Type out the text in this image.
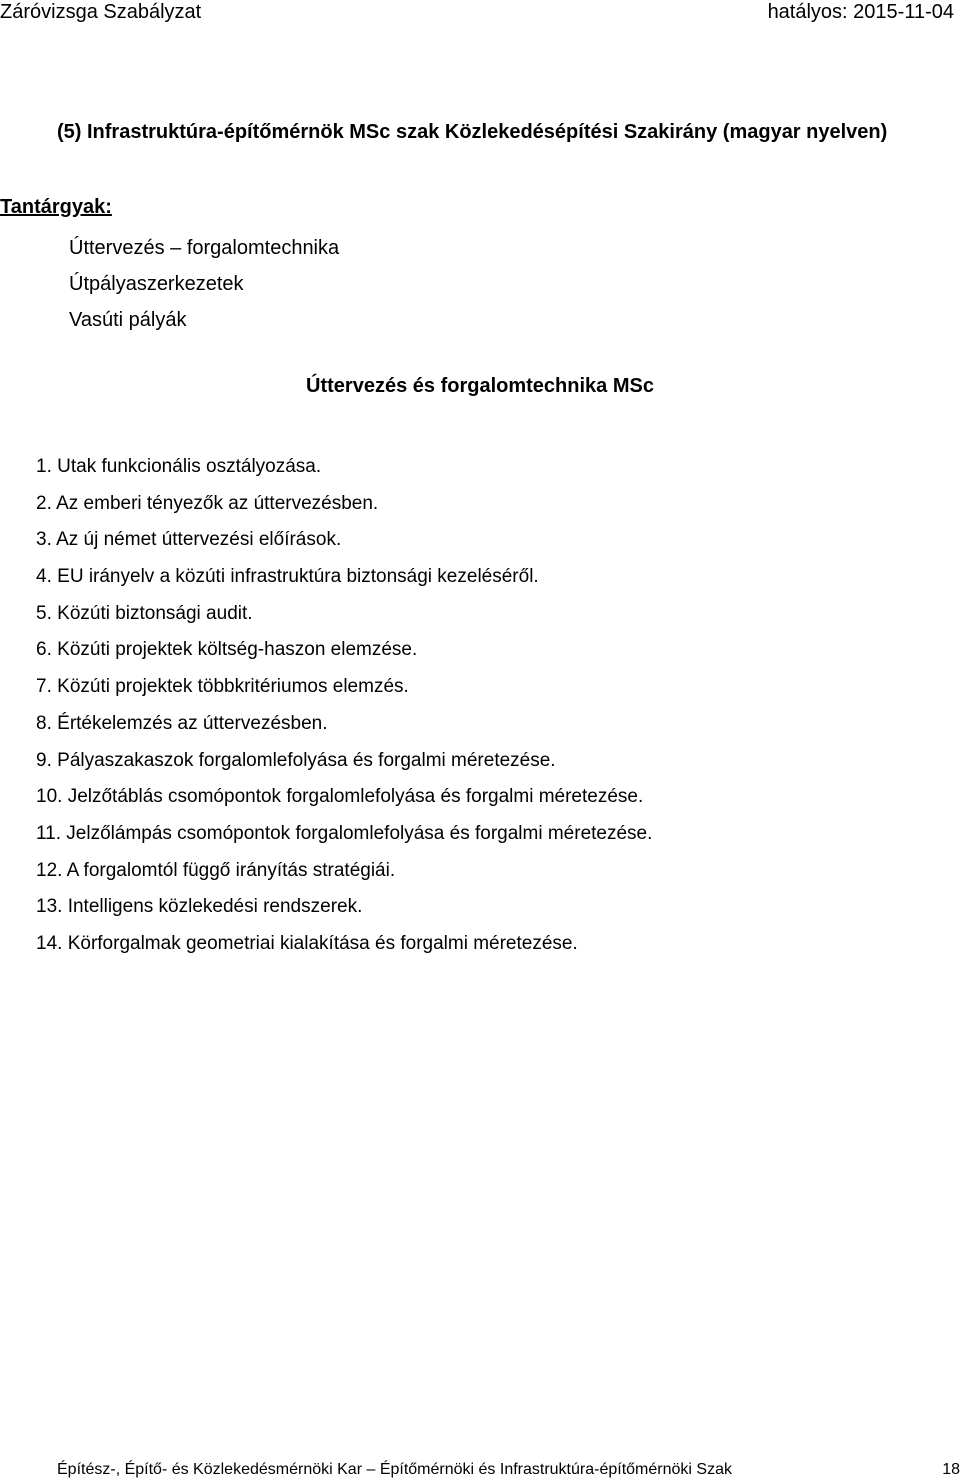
Záróvizsga Szabályzat	hatályos: 2015-11-04
(5) Infrastruktúra-építőmérnök MSc szak Közlekedésépítési Szakirány (magyar nyelven)
Tantárgyak:
Úttervezés – forgalomtechnika
Útpályaszerkezetek
Vasúti pályák
Úttervezés és forgalomtechnika MSc
1. Utak funkcionális osztályozása.
2. Az emberi tényezők az úttervezésben.
3. Az új német úttervezési előírások.
4. EU irányelv a közúti infrastruktúra biztonsági kezeléséről.
5. Közúti biztonsági audit.
6. Közúti projektek költség-haszon elemzése.
7. Közúti projektek többkritériumos elemzés.
8. Értékelemzés az úttervezésben.
9. Pályaszakaszok forgalomlefolyása és forgalmi méretezése.
10. Jelzőtáblás csomópontok forgalomlefolyása és forgalmi méretezése.
11. Jelzőlámpás csomópontok forgalomlefolyása és forgalmi méretezése.
12. A forgalomtól függő irányítás stratégiái.
13. Intelligens közlekedési rendszerek.
14. Körforgalmak geometriai kialakítása és forgalmi méretezése.
Építész-, Építő- és Közlekedésmérnöki Kar – Építőmérnöki és Infrastruktúra-építőmérnöki Szak	18
